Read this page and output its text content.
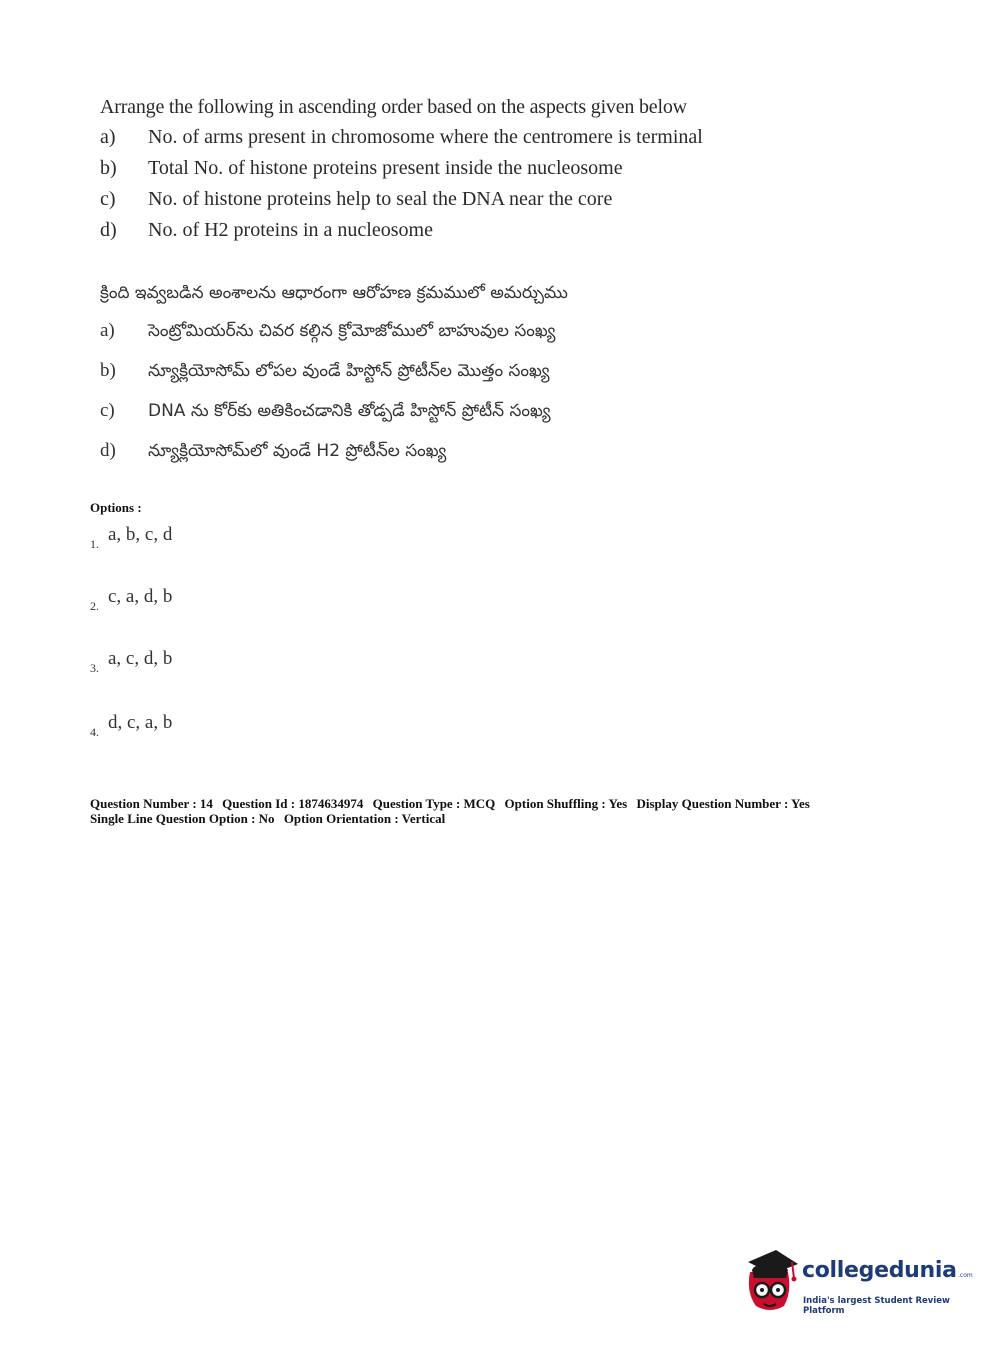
Arrange the following in ascending order based on the aspects given below
a)	No. of arms present in chromosome where the centromere is terminal
b)	Total No. of histone proteins present inside the nucleosome
c)	No. of histone proteins help to seal the DNA near the core
d)	No. of H2 proteins in a nucleosome
క్రింది ఇవ్వబడిన అంశాలను ఆధారంగా ఆరోహణ క్రమములో అమర్చుము
a)	సెంట్రోమియర్‌ను చివర కల్గిన క్రోమోజోములో బాహువుల సంఖ్య
b)	న్యూక్లియోసోమ్ లోపల వుండే హిస్టోన్ ప్రోటీన్‌ల మొత్తం సంఖ్య
c)	DNA ను కోర్‌కు అతికించడానికి తోడ్పడే హిస్టోన్ ప్రోటీన్ సంఖ్య
d)	న్యూక్లియోసోమ్‌లో వుండే H2 ప్రోటీన్‌ల సంఖ్య
Options :
1. a, b, c, d
2. c, a, d, b
3. a, c, d, b
4. d, c, a, b
Question Number : 14 Question Id : 1874634974 Question Type : MCQ Option Shuffling : Yes Display Question Number : Yes
Single Line Question Option : No Option Orientation : Vertical
collegedunia .com
India's largest Student Review Platform
